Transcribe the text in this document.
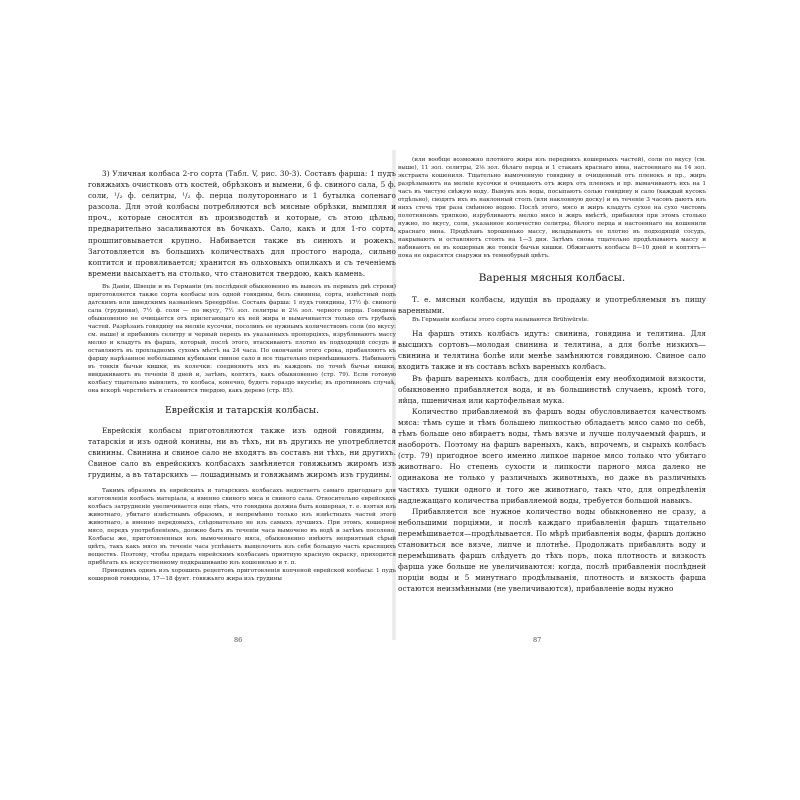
3) Уличная колбаса 2-го сорта (Табл. V, рис. 30-3). Составъ фарша: 1 пудъ говяжьихъ очистковъ отъ костей, обрѣзковъ и вымени, 6 ф. свиного сала, 5 ф. соли, ¹/₂ ф. селитры, ¹/₂ ф. перца полутороннаго и 1 бутылка соленаго разсола. Для этой колбасы потребляются всѣ мясные обрѣзки, вымпляя и проч., которые сносятся въ производствѣ и которые, съ этою цѣлью, предварительно засаливаются въ бочкахъ. Сало, какъ и для 1-го сорта, прошпиговывается крупно. Набивается также въ синюхъ и рожекъ. Заготовляется въ большихъ количествахъ для простого народа, сильно коптится и провяливается; хранится въ ольховыхъ опилкахъ и съ теченіемъ времени высыхаетъ на столько, что становится твердою, какъ камень.

Въ Даніи, Швеціи и въ Германіи (въ послѣдней обыкновенно въ вывозъ въ первыхъ двѣ строки) приготовляется также сорта колбасы изъ одной говядины, безъ свинины, сорта, извѣстный подъ датскимъ или шведскимъ названіемъ Speegpölse. Составъ фарша: 1 пудъ говядины, 17½ ф. свиного сала (грудинки), 7½ ф. соли — по вкусу, 7½ зол. селитры и 2⅛ зол. черного перца. Говядина обыкновенно не очищается отъ прилегающаго къ ней жира и вымачивается только отъ грубыхъ частей. Разрѣзанъ говядину на мелкіе кусочки, посоливъ ее нужнымъ количествомъ соли (по вкусу: см. выше) и прибавивъ селитру и черный перецъ въ указанныхъ пропорціяхъ, изрубливаютъ массу мелко и кладутъ въ фаршъ, который, послѣ этого, втаскиваютъ плотно въ подходящій сосудъ и оставляютъ въ прохладномъ сухомъ мѣстѣ на 24 часа. По окончаніи этого срока, прибавляютъ къ фаршу нарѣзанное небольшими кубиками свиное сало и все тщательно перемѣшиваютъ. Набиваютъ въ тонкія бычьи кишки, въ колечки: соединяютъ ихъ въ каждомъ по точнѣ бычьи кишки, вивдакиваютъ въ теченіи 8 дней и, затѣмъ, коптятъ, какъ обыкновенно (стр. 79). Если готовую колбасу тщательно вывялить, то колбаса, конечно, будетъ гораздо вкуснѣе; въ противномъ случаѣ, она вскорѣ черствѣетъ и становится твердою, какъ дерево (стр. 85).

Еврейскія и татарскія колбасы.

Еврейскія колбасы приготовляются также изъ одной говядины, а татарскія и изъ одной конины, ни въ тѣхъ, ни въ другихъ не употребляется свинины. Свинина и свиное сало не входятъ въ составъ ни тѣхъ, ни другихъ. Свиное сало въ еврейскихъ колбасахъ замѣняется говяжьимъ жиромъ изъ грудины, а въ татарскихъ — лошадинымъ и говяжьимъ жиромъ изъ грудины.

Такимъ образомъ въ еврейскихъ и татарскихъ колбасахъ недостаетъ самаго пригоднаго для изготовленія колбасъ матеріала, а именно свиного мяса и свиного сала. Относительно еврейскихъ колбасъ затрудненіе увеличивается еще тѣмъ, что говядина должна быть кошерная, т. е. взятая изъ животнаго, убитаго извѣстнымъ образомъ, и непремѣнно только изъ извѣстныхъ частей этого животнаго, а именно передовыхъ, слѣдовательно не изъ самыхъ лучшихъ. При этомъ, кошерное мясо, передъ употребленіемъ, должно быть въ теченіи часа вымочено въ водѣ и затѣмъ посолено. Колбасы же, приготовленныя изъ вымоченнаго мяса, обыкновенно имѣютъ неприятный сѣрый цвѣтъ, такъ какъ мясо въ теченіе часа успѣваетъ выщелочить изъ себя большую часть красящихъ веществъ. Поэтому, чтобы придать еврейскимъ колбасамъ приятную красную окраску, приходится прибѣгать къ искусственному подкрашиванію изъ кошенилью и т. п.

Приводимъ одинъ изъ хорошихъ рецептовъ приготовленія копченой еврейской колбасы: 1 пудъ кошерной говядины, 17—18 фунт. говяжьяго жира изъ грудины

(или вообще возможно плотного жира изъ переднихъ кошерныхъ частей), соли по вкусу (см. выше), 11 зол. селитры, 2⅛ зол. бѣлаго перца и 1 стаканъ краснаго вина, настоеннаго на 14 зол. экстракта кошениля. Тщательно вымоченную говядину и очищенный отъ пленокъ и пр., жиръ разрѣзываютъ на мелкіе кусочки и очищаютъ отъ жиръ отъ пленокъ и пр. вымачиваютъ ихъ на 1 часъ въ чистую свѣжую воду. Вынувъ изъ воды, посыпаютъ солью говядину и сало (каждый кусокъ отдѣльно), сводятъ ихъ въ наклонный столъ (или наклонную доску) и въ теченіе 3 часовъ даютъ изъ нихъ стечь три раза смѣнною водою. Послѣ этого, мясо и жиръ кладутъ сухое на сухо чистомъ полотняномъ тряпкою, изрубливаютъ мелко мясо и жиръ вмѣстѣ, прибавляя при этомъ столько нужно, по вкусу, соли, указанное количество селитры, бѣлого перца и настоеннаго на кошенили краснаго вина. Продѣлавъ хорошенько массу, вкладываютъ ее плотно въ подходящій сосудъ, накрываютъ и оставляютъ стоять на 1—3 дня. Затѣмъ снова тщательно продѣлываютъ массу и набиваютъ ее въ кошерныя же тонкія бычьи кишки. Обжигаютъ колбасы 8—10 дней и коптятъ—пока не окрасятся снаружи въ темнобурый цвѣтъ.

Вареныя мясныя колбасы.

Т. е. мясныя колбасы, идущія въ продажу и употребляемыя въ пищу варенными.

Въ Германіи колбасы этого сорта называются Brühwürste.

На фаршъ этихъ колбасъ идутъ: свинина, говядина и телятина. Для высшихъ сортовъ—молодая свинина и телятина, а для болѣе низкихъ—свинина и телятина болѣе или менѣе замѣняются говядиною. Свиное сало входитъ также и въ составъ всѣхъ вареныхъ колбасъ.

Въ фаршъ вареныхъ колбасъ, для сообщенія ему необходимой вязкости, обыкновенно прибавляется вода, и въ большинствѣ случаевъ, кромѣ того, яйца, пшеничная или картофельная мука.

Количество прибавляемой въ фаршъ воды обусловливается качествомъ мяса: тѣмъ суше и тѣмъ большею липкостью обладаетъ мясо само по себѣ, тѣмъ больше оно вбираетъ воды, тѣмъ вязче и лучше получаемый фаршъ, и наоборотъ. Поэтому на фаршъ вареныхъ, какъ, впрочемъ, и сырыхъ колбасъ (стр. 79) пригодное всего именно липкое парное мясо только что убитаго животнаго. Но степень сухости и липкости парного мяса далеко не одинакова не только у различныхъ животныхъ, но даже въ различныхъ частяхъ тушки одного и того же животнаго, такъ что, для опредѣленія надлежащаго количества прибавляемой воды, требуется большой навыкъ.

Прибавляется все нужное количество воды обыкновенно не сразу, а небольшими порціями, и послѣ каждаго прибавленія фаршъ тщательно перемѣшивается—продѣлывается. По мѣрѣ прибавленія воды, фаршъ должно становиться все вязче, липче и плотнѣе. Продолжать прибавлять воду и перемѣшивать фаршъ слѣдуетъ до тѣхъ поръ, пока плотность и вязкость фарша уже больше не увеличиваются: когда, послѣ прибавленія послѣдней порціи воды и 5 минутнаго продѣлыванія, плотность и вязкость фарша остаются неизмѣнными (не увеличиваются), прибавленіе воды нужно

86	87
